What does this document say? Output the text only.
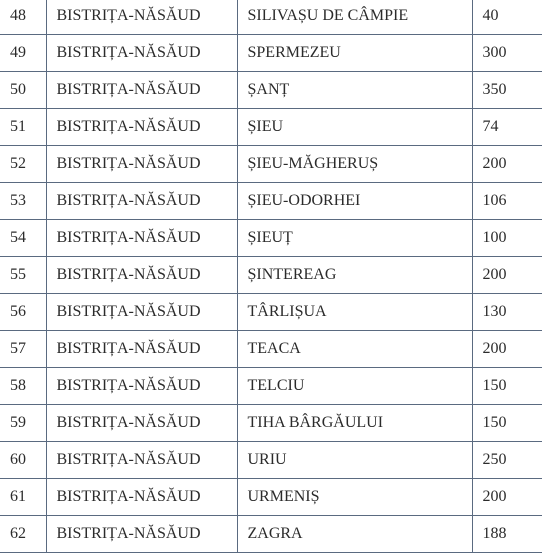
48	BISTRIȚA-NĂSĂUD	SILIVAȘU DE CÂMPIE	40
49	BISTRIȚA-NĂSĂUD	SPERMEZEU	300
50	BISTRIȚA-NĂSĂUD	ȘANȚ	350
51	BISTRIȚA-NĂSĂUD	ȘIEU	74
52	BISTRIȚA-NĂSĂUD	ȘIEU-MĂGHERUȘ	200
53	BISTRIȚA-NĂSĂUD	ȘIEU-ODORHEI	106
54	BISTRIȚA-NĂSĂUD	ȘIEUȚ	100
55	BISTRIȚA-NĂSĂUD	ȘINTEREAG	200
56	BISTRIȚA-NĂSĂUD	TÂRLIȘUA	130
57	BISTRIȚA-NĂSĂUD	TEACA	200
58	BISTRIȚA-NĂSĂUD	TELCIU	150
59	BISTRIȚA-NĂSĂUD	TIHA BÂRGĂULUI	150
60	BISTRIȚA-NĂSĂUD	URIU	250
61	BISTRIȚA-NĂSĂUD	URMENIȘ	200
62	BISTRIȚA-NĂSĂUD	ZAGRA	188
